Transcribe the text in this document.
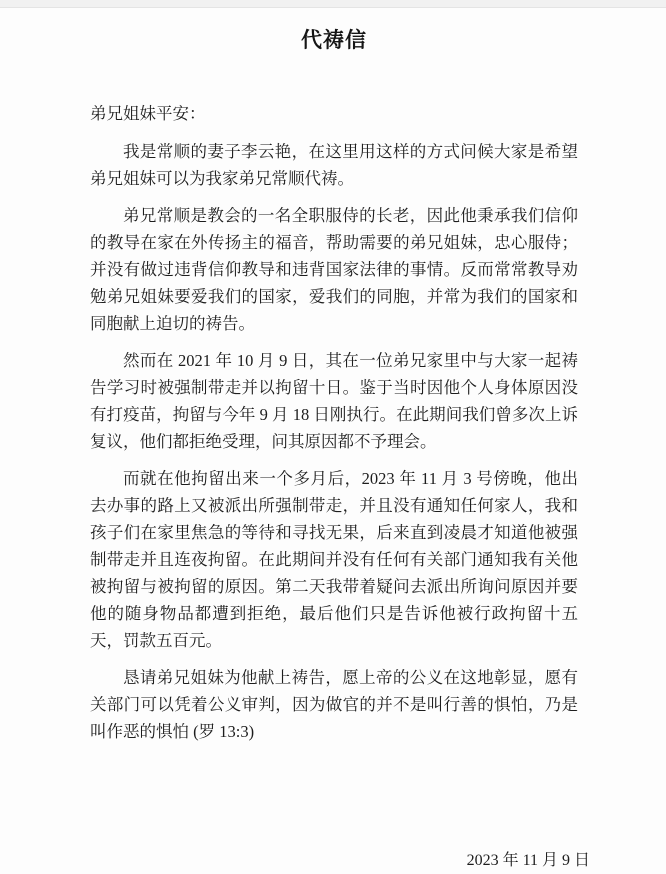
代祷信
弟兄姐妹平安：

我是常顺的妻子李云艳，在这里用这样的方式问候大家是希望弟兄姐妹可以为我家弟兄常顺代祷。

弟兄常顺是教会的一名全职服侍的长老，因此他秉承我们信仰的教导在家在外传扬主的福音，帮助需要的弟兄姐妹，忠心服侍；并没有做过违背信仰教导和违背国家法律的事情。反而常常教导劝勉弟兄姐妹要爱我们的国家，爱我们的同胞，并常为我们的国家和同胞献上迫切的祷告。

然而在 2021 年 10 月 9 日，其在一位弟兄家里中与大家一起祷告学习时被强制带走并以拘留十日。鉴于当时因他个人身体原因没有打疫苗，拘留与今年 9 月 18 日刚执行。在此期间我们曾多次上诉复议，他们都拒绝受理，问其原因都不予理会。

而就在他拘留出来一个多月后，2023 年 11 月 3 号傍晚，他出去办事的路上又被派出所强制带走，并且没有通知任何家人，我和孩子们在家里焦急的等待和寻找无果，后来直到凌晨才知道他被强制带走并且连夜拘留。在此期间并没有任何有关部门通知我有关他被拘留与被拘留的原因。第二天我带着疑问去派出所询问原因并要他的随身物品都遭到拒绝，最后他们只是告诉他被行政拘留十五天，罚款五百元。

恳请弟兄姐妹为他献上祷告，愿上帝的公义在这地彰显，愿有关部门可以凭着公义审判，因为做官的并不是叫行善的惧怕，乃是叫作恶的惧怕 (罗 13:3)

2023 年 11 月 9 日
